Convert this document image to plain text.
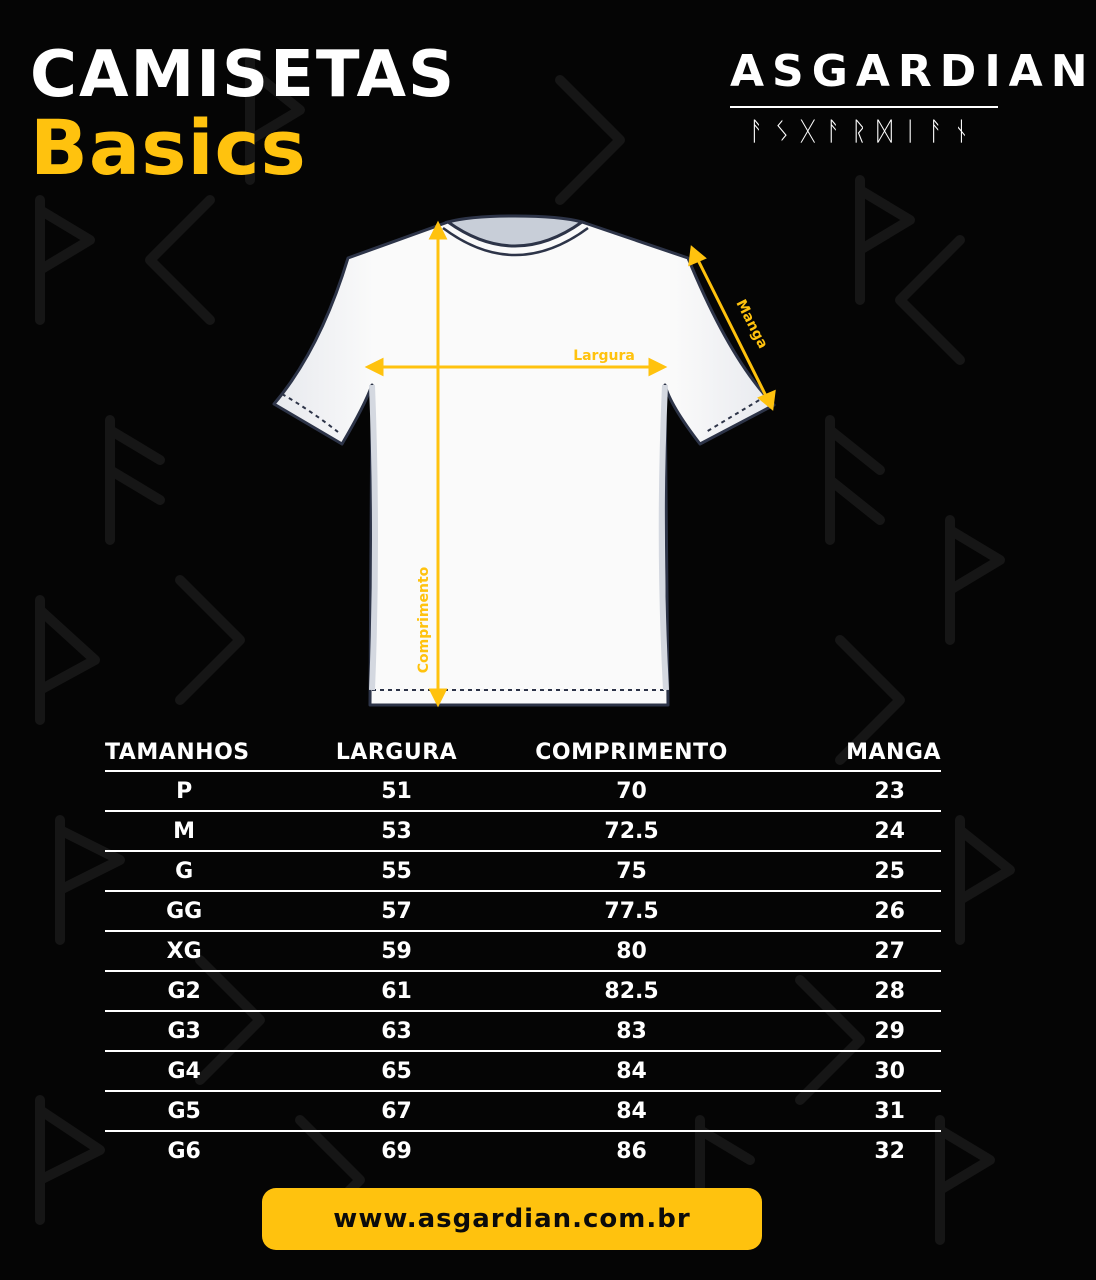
CAMISETAS
Basics
ASGARDIAN
ᚨᛊᚷᚨᚱᛞᛁᚨᚾ
Largura
Comprimento
Manga
TAMANHOS	LARGURA	COMPRIMENTO	MANGA
P	51	70	23
M	53	72.5	24
G	55	75	25
GG	57	77.5	26
XG	59	80	27
G2	61	82.5	28
G3	63	83	29
G4	65	84	30
G5	67	84	31
G6	69	86	32
www.asgardian.com.br
